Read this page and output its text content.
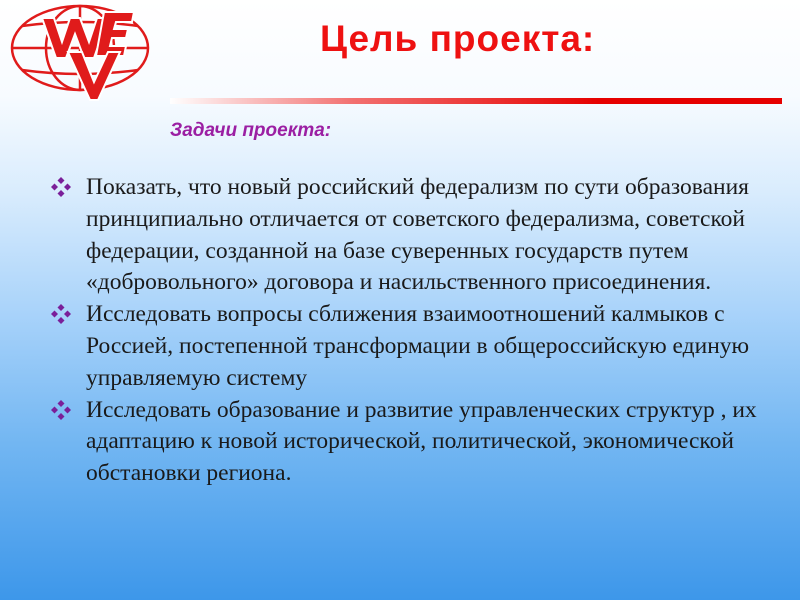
Цель проекта:
Задачи проекта:
Показать, что новый российский федерализм по сути образования принципиально отличается от советского федерализма, советской федерации, созданной на базе суверенных государств путем «добровольного» договора и насильственного присоединения.
Исследовать вопросы сближения взаимоотношений калмыков с Россией, постепенной трансформации в общероссийскую единую управляемую систему
Исследовать образование и развитие управленческих структур , их адаптацию к новой исторической, политической, экономической обстановки региона.
